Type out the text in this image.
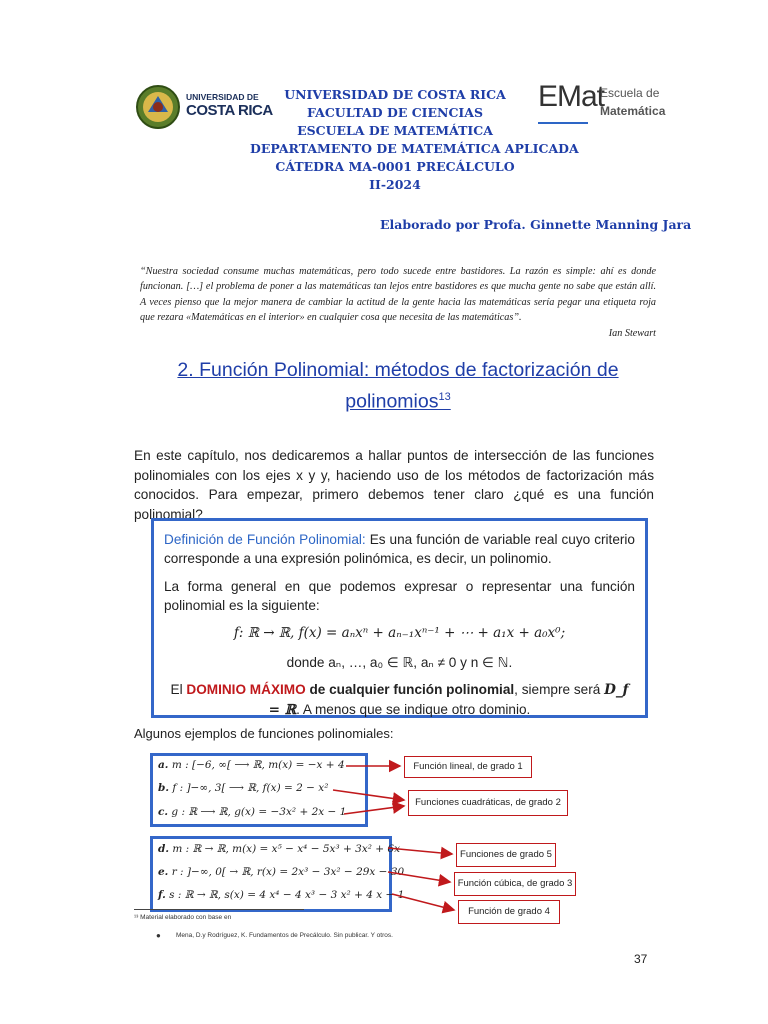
UNIVERSIDAD DE
COSTA RICA	EMat
Escuela de
Matemática
UNIVERSIDAD DE COSTA RICA
FACULTAD DE CIENCIAS
ESCUELA DE MATEMÁTICA
DEPARTAMENTO DE MATEMÁTICA APLICADA
CÁTEDRA MA-0001 PRECÁLCULO
II-2024
Elaborado por Profa. Ginnette Manning Jara
“Nuestra sociedad consume muchas matemáticas, pero todo sucede entre bastidores. La razón es simple: ahí es donde funcionan. […] el problema de poner a las matemáticas tan lejos entre bastidores es que mucha gente no sabe que están allí. A veces pienso que la mejor manera de cambiar la actitud de la gente hacia las matemáticas sería pegar una etiqueta roja que rezara «Matemáticas en el interior» en cualquier cosa que necesita de las matemáticas”.
Ian Stewart
2. Función Polinomial: métodos de factorización de polinomios$^{13}$
En este capítulo, nos dedicaremos a hallar puntos de intersección de las funciones polinomiales con los ejes x y y, haciendo uso de los métodos de factorización más conocidos. Para empezar, primero debemos tener claro ¿qué es una función polinomial?

Definición de Función Polinomial: Es una función de variable real cuyo criterio corresponde a una expresión polinómica, es decir, un polinomio.

La forma general en que podemos expresar o representar una función polinomial es la siguiente:

f: ℝ → ℝ, f(x) = aₙxⁿ + aₙ₋₁xⁿ⁻¹ + ⋯ + a₁x + a₀x⁰;
donde aₙ, …, a₀ ∈ ℝ, aₙ ≠ 0 y n ∈ ℕ.
El DOMINIO MÁXIMO de cualquier función polinomial, siempre será D_f = ℝ. A menos que se indique otro dominio.
Algunos ejemplos de funciones polinomiales:
a. m : [−6, ∞[ ⟶ ℝ, m(x) = −x + 4
b. f : ]−∞, 3[ ⟶ ℝ, f(x) = 2 − x²
c. g : ℝ ⟶ ℝ, g(x) = −3x² + 2x − 1
d. m : ℝ → ℝ, m(x) = x⁵ − x⁴ − 5x³ + 3x² + 6x
e. r : ]−∞, 0[ → ℝ, r(x) = 2x³ − 3x² − 29x − 30
f. s : ℝ → ℝ, s(x) = 4 x⁴ − 4 x³ − 3 x² + 4 x − 1
Función lineal, de grado 1
Funciones cuadráticas, de grado 2
Funciones de grado 5
Función cúbica, de grado 3
Función de grado 4
¹³ Material elaborado con base en
● Mena, D.y Rodríguez, K. Fundamentos de Precálculo. Sin publicar. Y otros.
37
